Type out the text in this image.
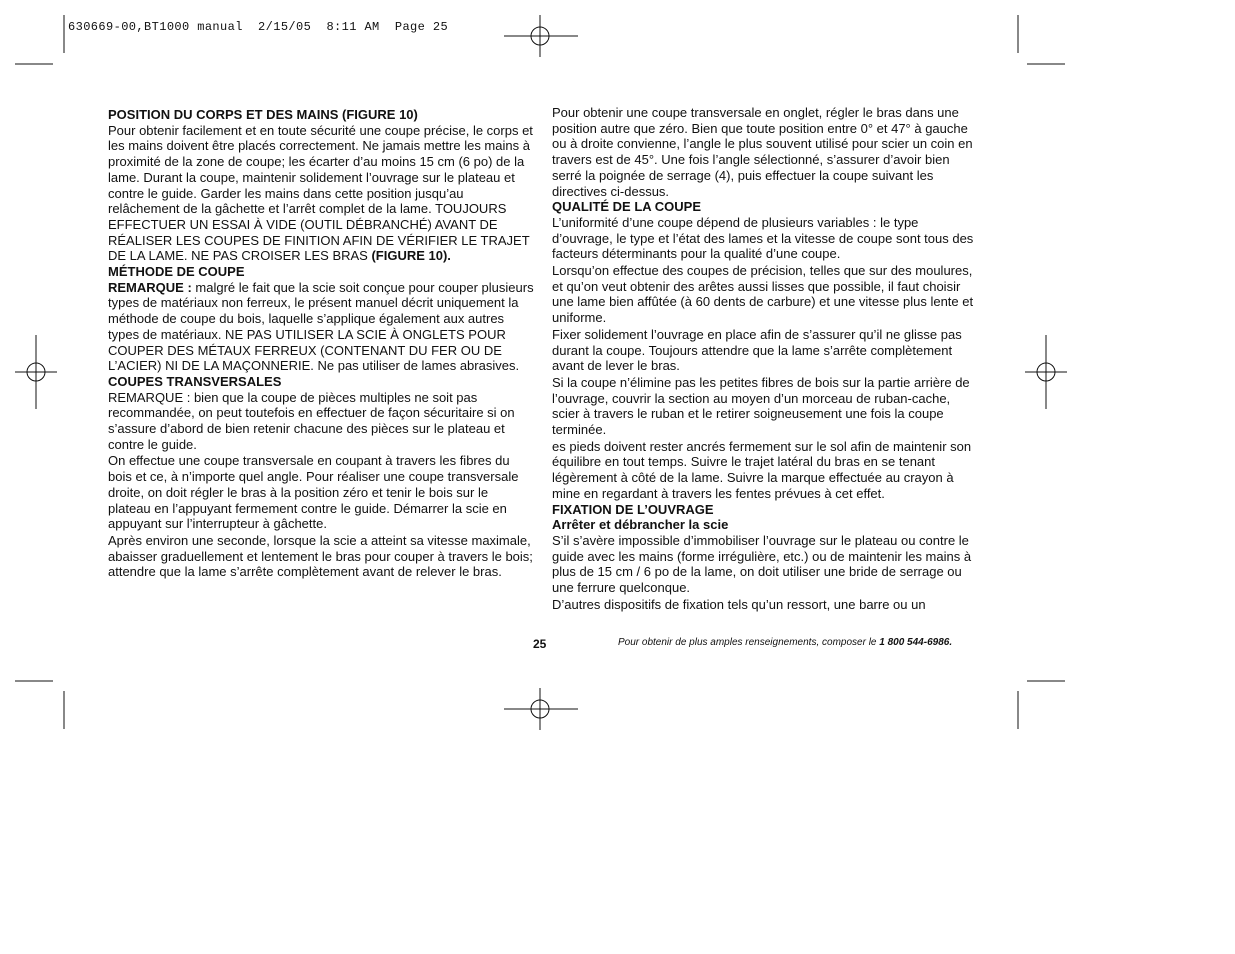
630669-00,BT1000 manual  2/15/05  8:11 AM  Page 25
POSITION DU CORPS ET DES MAINS (FIGURE 10)

Pour obtenir facilement et en toute sécurité une coupe précise, le corps et les mains doivent être placés correctement. Ne jamais mettre les mains à proximité de la zone de coupe; les écarter d’au moins 15 cm (6 po) de la lame. Durant la coupe, maintenir solidement l’ouvrage sur le plateau et contre le guide. Garder les mains dans cette position jusqu’au relâchement de la gâchette et l’arrêt complet de la lame. TOUJOURS EFFECTUER UN ESSAI À VIDE (OUTIL DÉBRANCHÉ) AVANT DE RÉALISER LES COUPES DE FINITION AFIN DE VÉRIFIER LE TRAJET DE LA LAME. NE PAS CROISER LES BRAS (FIGURE 10).

MÉTHODE DE COUPE

REMARQUE : malgré le fait que la scie soit conçue pour couper plusieurs types de matériaux non ferreux, le présent manuel décrit uniquement la méthode de coupe du bois, laquelle s’applique également aux autres types de matériaux. NE PAS UTILISER LA SCIE À ONGLETS POUR COUPER DES MÉTAUX FERREUX (CONTENANT DU FER OU DE L’ACIER) NI DE LA MAÇONNERIE. Ne pas utiliser de lames abrasives.

COUPES TRANSVERSALES

REMARQUE : bien que la coupe de pièces multiples ne soit pas recommandée, on peut toutefois en effectuer de façon sécuritaire si on s’assure d’abord de bien retenir chacune des pièces sur le plateau et contre le guide.

On effectue une coupe transversale en coupant à travers les fibres du bois et ce, à n’importe quel angle. Pour réaliser une coupe transversale droite, on doit régler le bras à la position zéro et tenir le bois sur le plateau en l’appuyant fermement contre le guide. Démarrer la scie en appuyant sur l’interrupteur à gâchette.

Après environ une seconde, lorsque la scie a atteint sa vitesse maximale, abaisser graduellement et lentement le bras pour couper à travers le bois; attendre que la lame s’arrête complètement avant de relever le bras.

Pour obtenir une coupe transversale en onglet, régler le bras dans une position autre que zéro. Bien que toute position entre 0° et 47° à gauche ou à droite convienne, l’angle le plus souvent utilisé pour scier un coin en travers est de 45°. Une fois l’angle sélectionné, s’assurer d’avoir bien serré la poignée de serrage (4), puis effectuer la coupe suivant les directives ci-dessus.

QUALITÉ DE LA COUPE

L’uniformité d’une coupe dépend de plusieurs variables : le type d’ouvrage, le type et l’état des lames et la vitesse de coupe sont tous des facteurs déterminants pour la qualité d’une coupe.

Lorsqu’on effectue des coupes de précision, telles que sur des moulures, et qu’on veut obtenir des arêtes aussi lisses que possible, il faut choisir une lame bien affûtée (à 60 dents de carbure) et une vitesse plus lente et uniforme.

Fixer solidement l’ouvrage en place afin de s’assurer qu’il ne glisse pas durant la coupe. Toujours attendre que la lame s’arrête complètement avant de lever le bras.

Si la coupe n’élimine pas les petites fibres de bois sur la partie arrière de l’ouvrage, couvrir la section au moyen d’un morceau de ruban-cache, scier à travers le ruban et le retirer soigneusement une fois la coupe terminée.

es pieds doivent rester ancrés fermement sur le sol afin de maintenir son équilibre en tout temps. Suivre le trajet latéral du bras en se tenant légèrement à côté de la lame. Suivre la marque effectuée au crayon à mine en regardant à travers les fentes prévues à cet effet.

FIXATION DE L’OUVRAGE
Arrêter et débrancher la scie

S’il s’avère impossible d’immobiliser l’ouvrage sur le plateau ou contre le guide avec les mains (forme irrégulière, etc.) ou de maintenir les mains à plus de 15 cm / 6 po de la lame, on doit utiliser une bride de serrage ou une ferrure quelconque.

D’autres dispositifs de fixation tels qu’un ressort, une barre ou un

25	Pour obtenir de plus amples renseignements, composer le 1 800 544-6986.
